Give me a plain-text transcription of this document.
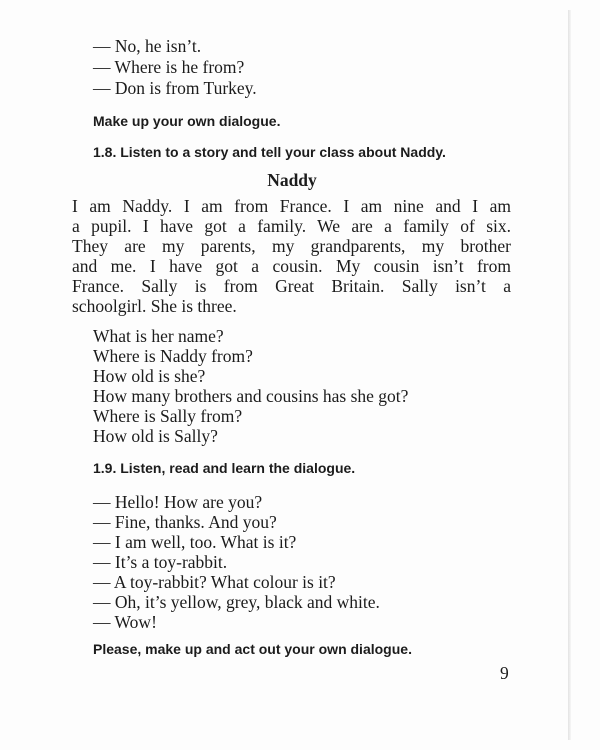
— No, he isn’t.

— Where is he from?

— Don is from Turkey.

Make up your own dialogue.

1.8. Listen to a story and tell your class about Naddy.

Naddy

I am Naddy. I am from France. I am nine and I am

a pupil. I have got a family. We are a family of six.

They are my parents, my grandparents, my brother

and me. I have got a cousin. My cousin isn’t from

France. Sally is from Great Britain. Sally isn’t a

schoolgirl. She is three.

What is her name?

Where is Naddy from?

How old is she?

How many brothers and cousins has she got?

Where is Sally from?

How old is Sally?

1.9. Listen, read and learn the dialogue.

— Hello! How are you?

— Fine, thanks. And you?

— I am well, too. What is it?

— It’s a toy-rabbit.

— A toy-rabbit? What colour is it?

— Oh, it’s yellow, grey, black and white.

— Wow!

Please, make up and act out your own dialogue.

9
